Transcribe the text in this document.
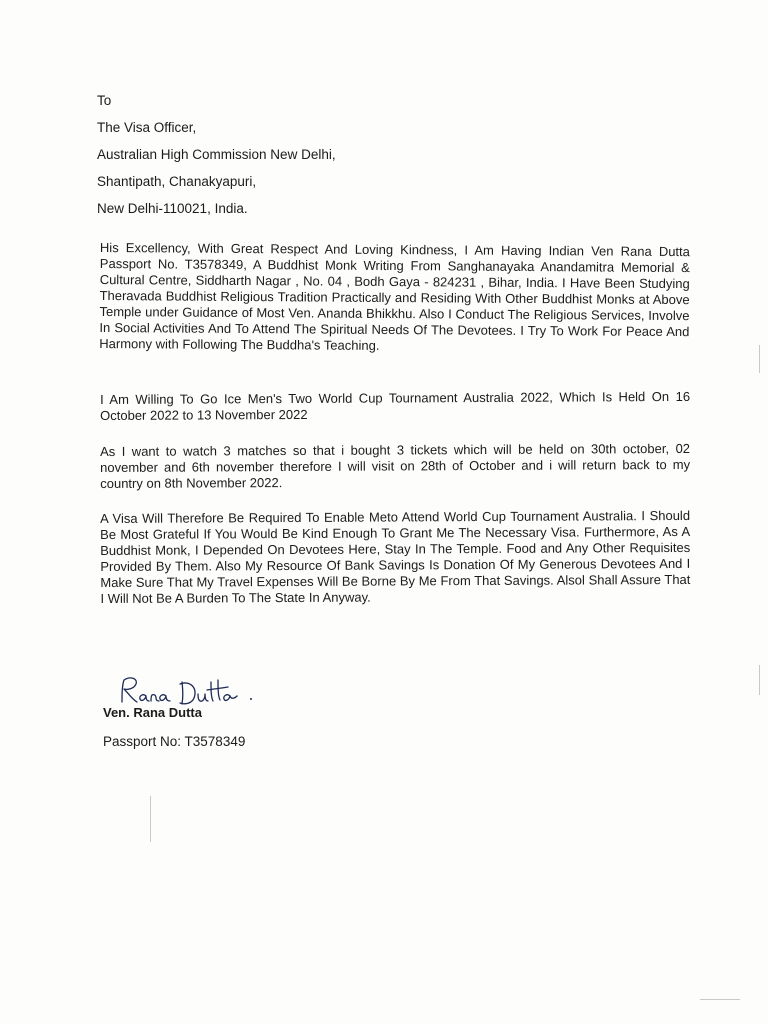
To
The Visa Officer,
Australian High Commission New Delhi,
Shantipath, Chanakyapuri,
New Delhi-110021, India.

His Excellency, With Great Respect And Loving Kindness, I Am Having Indian Ven Rana Dutta Passport No. T3578349, A Buddhist Monk Writing From Sanghanayaka Anandamitra Memorial & Cultural Centre, Siddharth Nagar , No. 04 , Bodh Gaya - 824231 , Bihar, India. I Have Been Studying Theravada Buddhist Religious Tradition Practically and Residing With Other Buddhist Monks at Above Temple under Guidance of Most Ven. Ananda Bhikkhu. Also I Conduct The Religious Services, Involve In Social Activities And To Attend The Spiritual Needs Of The Devotees. I Try To Work For Peace And Harmony with Following The Buddha's Teaching.

I Am Willing To Go Ice Men's Two World Cup Tournament Australia 2022, Which Is Held On 16 October 2022 to 13 November 2022

As I want to watch 3 matches so that i bought 3 tickets which will be held on 30th october, 02 november and 6th november therefore I will visit on 28th of October and i will return back to my country on 8th November 2022.

A Visa Will Therefore Be Required To Enable Meto Attend World Cup Tournament Australia. I Should Be Most Grateful If You Would Be Kind Enough To Grant Me The Necessary Visa. Furthermore, As A Buddhist Monk, I Depended On Devotees Here, Stay In The Temple. Food and Any Other Requisites Provided By Them. Also My Resource Of Bank Savings Is Donation Of My Generous Devotees And I Make Sure That My Travel Expenses Will Be Borne By Me From That Savings. Alsol Shall Assure That I Will Not Be A Burden To The State In Anyway.

Ven. Rana Dutta
Passport No: T3578349
